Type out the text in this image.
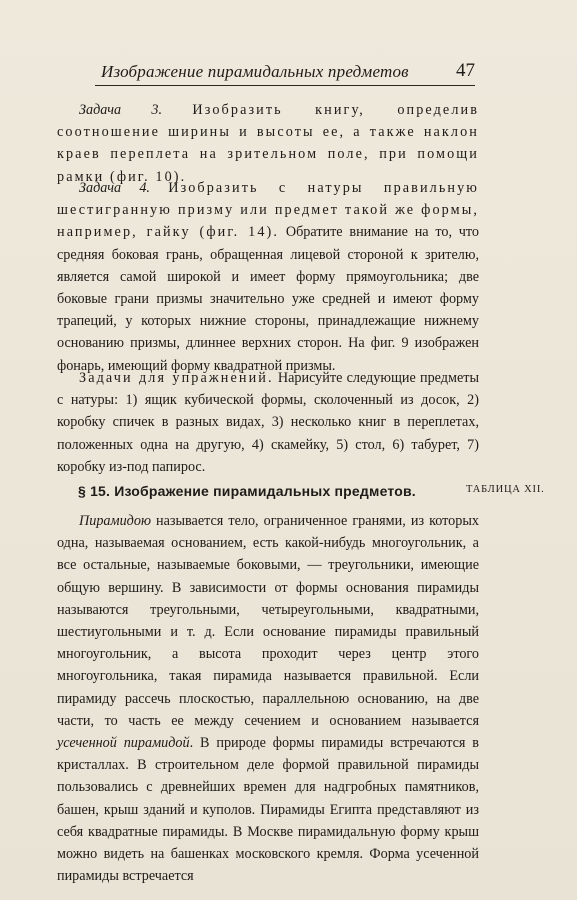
Изображение пирамидальных предметов 47

Задача 3. Изобразить книгу, определив соотношение ширины и высоты ее, а также наклон краев переплета на зрительном поле, при помощи рамки (фиг. 10).

Задача 4. Изобразить с натуры правильную шестигранную призму или предмет такой же формы, например, гайку (фиг. 14). Обратите внимание на то, что средняя боковая грань, обращенная лицевой стороной к зрителю, является самой широкой и имеет форму прямоугольника; две боковые грани призмы значительно уже средней и имеют форму трапеций, у которых нижние стороны, принадлежащие нижнему основанию призмы, длиннее верхних сторон. На фиг. 9 изображен фонарь, имеющий форму квадратной призмы.

Задачи для упражнений. Нарисуйте следующие предметы с натуры: 1) ящик кубической формы, сколоченный из досок, 2) коробку спичек в разных видах, 3) несколько книг в переплетах, положенных одна на другую, 4) скамейку, 5) стол, 6) табурет, 7) коробку из-под папирос.

§ 15. Изображение пирамидальных предметов.	ТАБЛИЦА XII.

Пирамидою называется тело, ограниченное гранями, из которых одна, называемая основанием, есть какой-нибудь многоугольник, а все остальные, называемые боковыми, — треугольники, имеющие общую вершину. В зависимости от формы основания пирамиды называются треугольными, четыреугольными, квадратными, шестиугольными и т. д. Если основание пирамиды правильный многоугольник, а высота проходит через центр этого многоугольника, такая пирамида называется правильной. Если пирамиду рассечь плоскостью, параллельною основанию, на две части, то часть ее между сечением и основанием называется усеченной пирамидой. В природе формы пирамиды встречаются в кристаллах. В строительном деле формой правильной пирамиды пользовались с древнейших времен для надгробных памятников, башен, крыш зданий и куполов. Пирамиды Египта представляют из себя квадратные пирамиды. В Москве пирамидальную форму крыш можно видеть на башенках московского кремля. Форма усеченной пирамиды встречается
